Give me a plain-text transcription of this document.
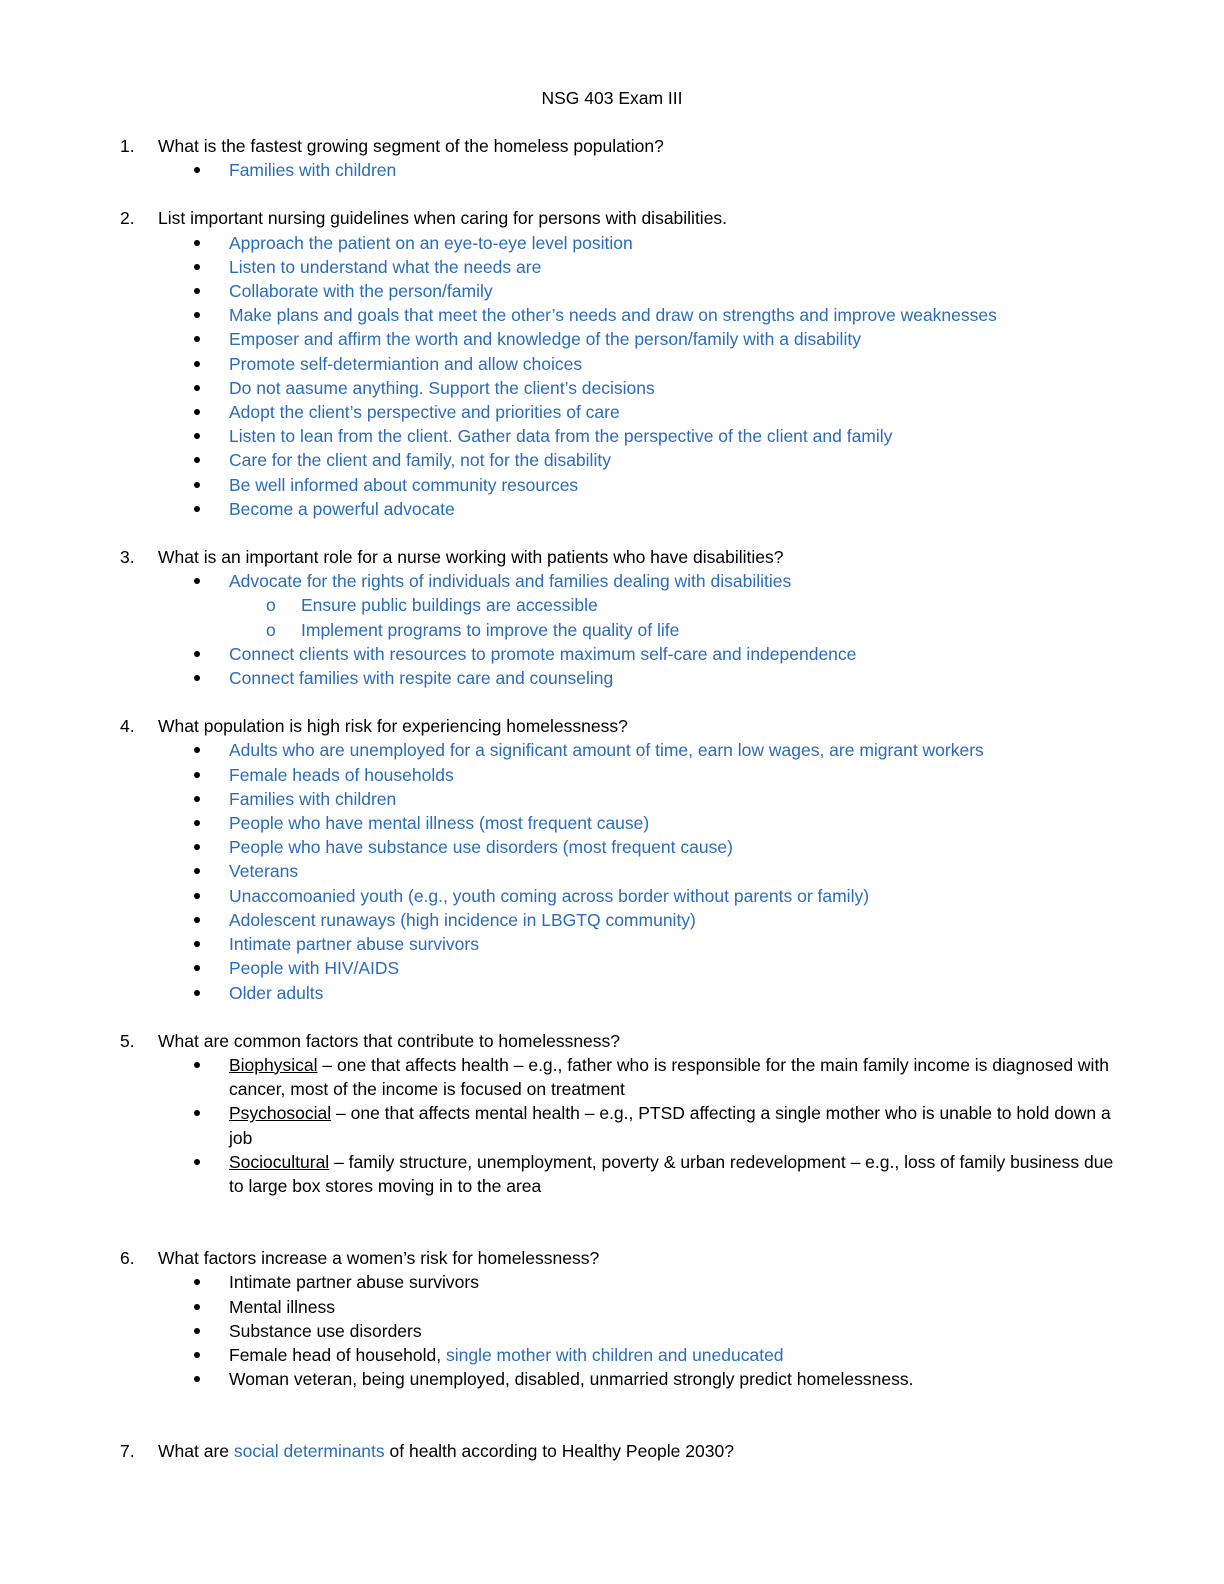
NSG 403 Exam III
1. What is the fastest growing segment of the homeless population?
Families with children
2. List important nursing guidelines when caring for persons with disabilities.
Approach the patient on an eye-to-eye level position
Listen to understand what the needs are
Collaborate with the person/family
Make plans and goals that meet the other’s needs and draw on strengths and improve weaknesses
Emposer and affirm the worth and knowledge of the person/family with a disability
Promote self-determiantion and allow choices
Do not aasume anything. Support the client’s decisions
Adopt the client’s perspective and priorities of care
Listen to lean from the client. Gather data from the perspective of the client and family
Care for the client and family, not for the disability
Be well informed about community resources
Become a powerful advocate
3. What is an important role for a nurse working with patients who have disabilities?
Advocate for the rights of individuals and families dealing with disabilities
o Ensure public buildings are accessible
o Implement programs to improve the quality of life
Connect clients with resources to promote maximum self-care and independence
Connect families with respite care and counseling
4. What population is high risk for experiencing homelessness?
Adults who are unemployed for a significant amount of time, earn low wages, are migrant workers
Female heads of households
Families with children
People who have mental illness (most frequent cause)
People who have substance use disorders (most frequent cause)
Veterans
Unaccomoanied youth (e.g., youth coming across border without parents or family)
Adolescent runaways (high incidence in LBGTQ community)
Intimate partner abuse survivors
People with HIV/AIDS
Older adults
5. What are common factors that contribute to homelessness?
Biophysical – one that affects health – e.g., father who is responsible for the main family income is diagnosed with cancer, most of the income is focused on treatment
Psychosocial – one that affects mental health – e.g., PTSD affecting a single mother who is unable to hold down a job
Sociocultural – family structure, unemployment, poverty & urban redevelopment – e.g., loss of family business due to large box stores moving in to the area
6. What factors increase a women’s risk for homelessness?
Intimate partner abuse survivors
Mental illness
Substance use disorders
Female head of household, single mother with children and uneducated
Woman veteran, being unemployed, disabled, unmarried strongly predict homelessness.
7. What are social determinants of health according to Healthy People 2030?
